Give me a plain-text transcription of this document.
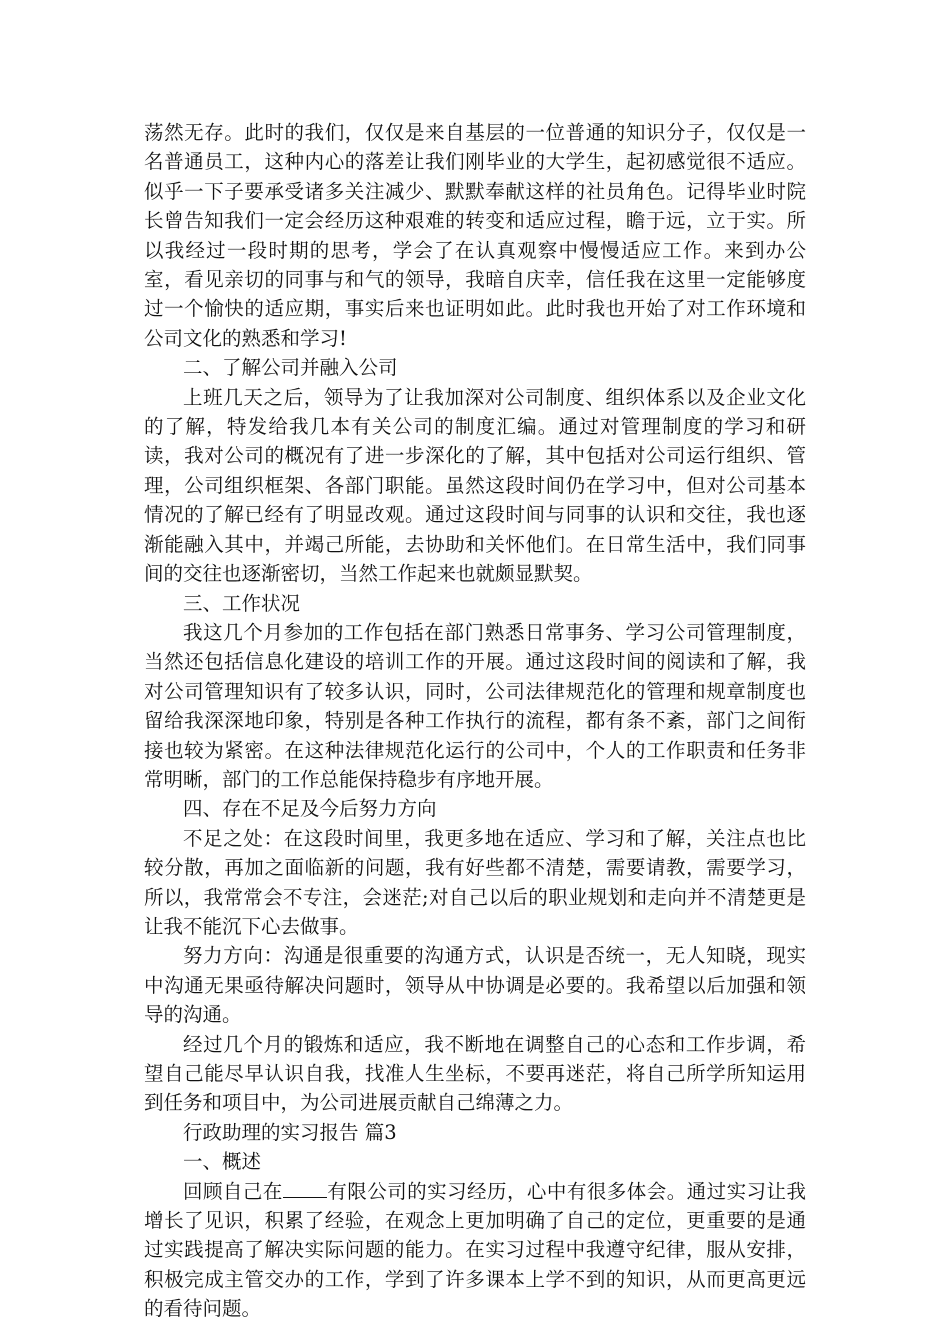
荡然无存。此时的我们，仅仅是来自基层的一位普通的知识分子，仅仅是一名普通员工，这种内心的落差让我们刚毕业的大学生，起初感觉很不适应。似乎一下子要承受诸多关注减少、默默奉献这样的社员角色。记得毕业时院长曾告知我们一定会经历这种艰难的转变和适应过程，瞻于远，立于实。所以我经过一段时期的思考，学会了在认真观察中慢慢适应工作。来到办公室，看见亲切的同事与和气的领导，我暗自庆幸，信任我在这里一定能够度过一个愉快的适应期，事实后来也证明如此。此时我也开始了对工作环境和公司文化的熟悉和学习!

二、了解公司并融入公司

上班几天之后，领导为了让我加深对公司制度、组织体系以及企业文化的了解，特发给我几本有关公司的制度汇编。通过对管理制度的学习和研读，我对公司的概况有了进一步深化的了解，其中包括对公司运行组织、管理，公司组织框架、各部门职能。虽然这段时间仍在学习中，但对公司基本情况的了解已经有了明显改观。通过这段时间与同事的认识和交往，我也逐渐能融入其中，并竭己所能，去协助和关怀他们。在日常生活中，我们同事间的交往也逐渐密切，当然工作起来也就颇显默契。

三、工作状况

我这几个月参加的工作包括在部门熟悉日常事务、学习公司管理制度，当然还包括信息化建设的培训工作的开展。通过这段时间的阅读和了解，我对公司管理知识有了较多认识，同时，公司法律规范化的管理和规章制度也留给我深深地印象，特别是各种工作执行的流程，都有条不紊，部门之间衔接也较为紧密。在这种法律规范化运行的公司中，个人的工作职责和任务非常明晰，部门的工作总能保持稳步有序地开展。

四、存在不足及今后努力方向

不足之处：在这段时间里，我更多地在适应、学习和了解，关注点也比较分散，再加之面临新的问题，我有好些都不清楚，需要请教，需要学习，所以，我常常会不专注，会迷茫;对自己以后的职业规划和走向并不清楚更是让我不能沉下心去做事。

努力方向：沟通是很重要的沟通方式，认识是否统一，无人知晓，现实中沟通无果亟待解决问题时，领导从中协调是必要的。我希望以后加强和领导的沟通。

经过几个月的锻炼和适应，我不断地在调整自己的心态和工作步调，希望自己能尽早认识自我，找准人生坐标，不要再迷茫，将自己所学所知运用到任务和项目中，为公司进展贡献自己绵薄之力。

行政助理的实习报告 篇3

一、概述

回顾自己在 有限公司的实习经历，心中有很多体会。通过实习让我增长了见识，积累了经验，在观念上更加明确了自己的定位，更重要的是通过实践提高了解决实际问题的能力。在实习过程中我遵守纪律，服从安排，积极完成主管交办的工作，学到了许多课本上学不到的知识，从而更高更远的看待问题。
